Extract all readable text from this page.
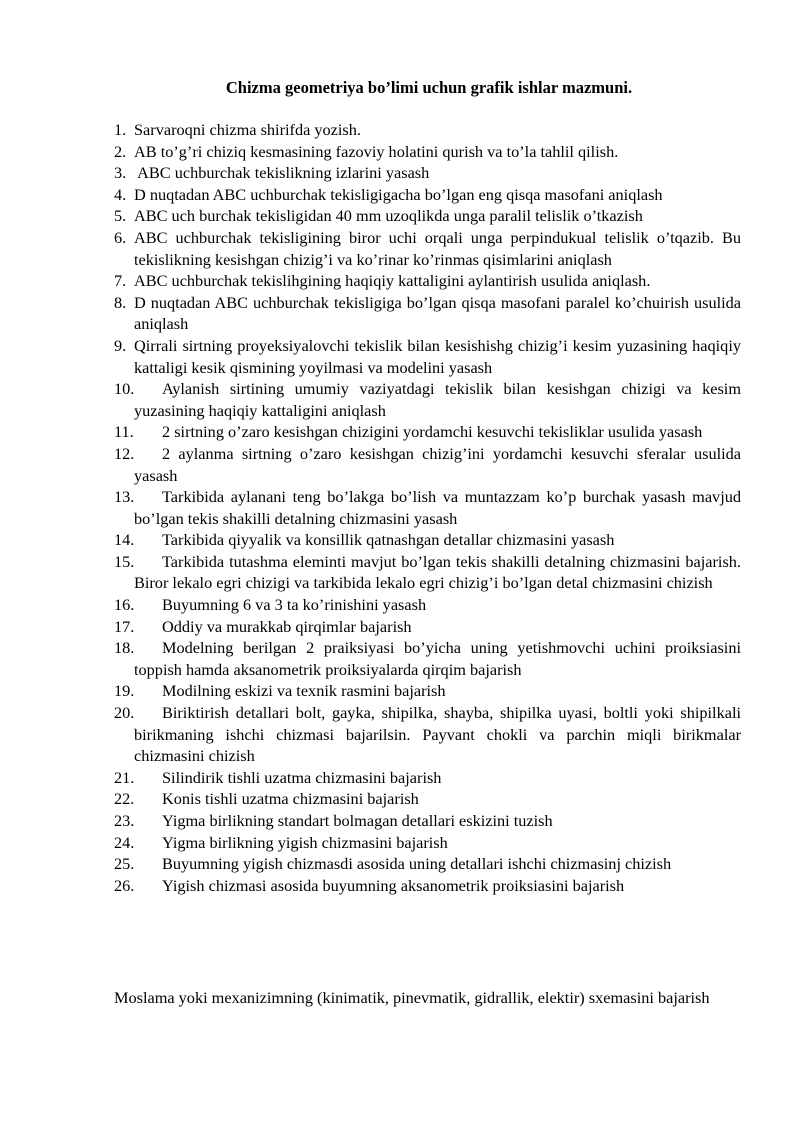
Chizma geometriya bo’limi uchun grafik ishlar mazmuni.
1. Sarvaroqni chizma shirifda yozish.
2. AB to’g’ri chiziq kesmasining fazoviy holatini qurish va to’la tahlil qilish.
3. ABC uchburchak tekislikning izlarini yasash
4. D nuqtadan ABC uchburchak tekisligigacha bo’lgan eng qisqa masofani aniqlash
5. ABC uch burchak tekisligidan 40 mm uzoqlikda unga paralil telislik o’tkazish
6. ABC uchburchak tekisligining biror uchi orqali unga perpindukual telislik o’tqazib. Bu tekislikning kesishgan chizig’i va ko’rinar ko’rinmas qisimlarini aniqlash
7. ABC uchburchak tekislihgining haqiqiy kattaligini aylantirish usulida aniqlash.
8. D nuqtadan ABC uchburchak tekisligiga bo’lgan qisqa masofani paralel ko’chuirish usulida aniqlash
9. Qirrali sirtning proyeksiyalovchi tekislik bilan kesishishg chizig’i kesim yuzasining haqiqiy kattaligi kesik qismining yoyilmasi va modelini yasash
10.	Aylanish sirtining umumiy vaziyatdagi tekislik bilan kesishgan chizigi va kesim yuzasining haqiqiy kattaligini aniqlash
11.	2 sirtning o’zaro kesishgan chizigini yordamchi kesuvchi tekisliklar usulida yasash
12.	2 aylanma sirtning o’zaro kesishgan chizig’ini yordamchi kesuvchi sferalar usulida yasash
13.	Tarkibida aylanani teng bo’lakga bo’lish va muntazzam ko’p burchak yasash mavjud bo’lgan tekis shakilli detalning chizmasini yasash
14.	Tarkibida qiyyalik va konsillik qatnashgan detallar chizmasini yasash
15.	Tarkibida tutashma eleminti mavjut bo’lgan tekis shakilli detalning chizmasini bajarish. Biror lekalo egri chizigi va tarkibida lekalo egri chizig’i bo’lgan detal chizmasini chizish
16.	Buyumning 6 va 3 ta ko’rinishini yasash
17.	Oddiy va murakkab qirqimlar bajarish
18.	Modelning berilgan 2 praiksiyasi bo’yicha uning yetishmovchi uchini proiksiasini toppish hamda aksanometrik proiksiyalarda qirqim bajarish
19.	Modilning eskizi va texnik rasmini bajarish
20.	Biriktirish detallari bolt, gayka, shipilka, shayba, shipilka uyasi, boltli yoki shipilkali birikmaning ishchi chizmasi bajarilsin. Payvant chokli va parchin miqli birikmalar chizmasini chizish
21.	Silindirik tishli uzatma chizmasini bajarish
22.	Konis tishli uzatma chizmasini bajarish
23.	Yigma birlikning standart bolmagan detallari eskizini tuzish
24.	Yigma birlikning yigish chizmasini bajarish
25.	Buyumning yigish chizmasdi asosida uning detallari ishchi chizmasinj chizish
26.	Yigish chizmasi asosida buyumning aksanometrik proiksiasini bajarish
Moslama yoki mexanizimning (kinimatik, pinevmatik, gidrallik, elektir) sxemasini bajarish
